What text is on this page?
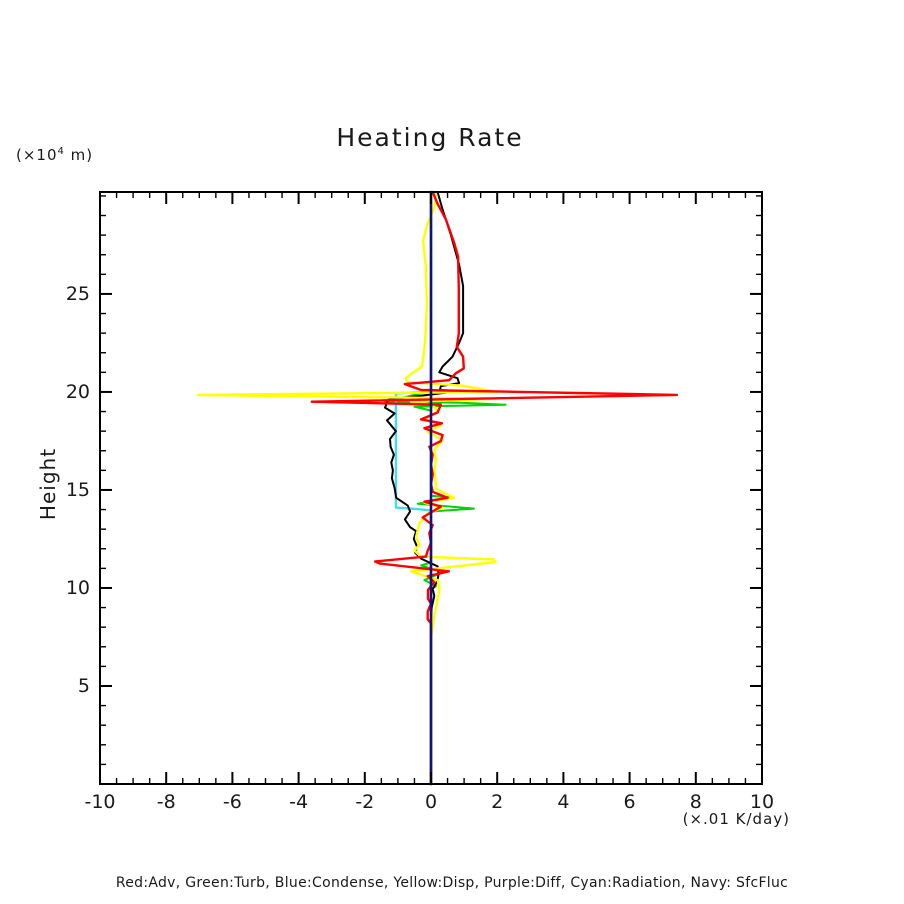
($\times 10^4$ m)
Heating Rate
Height
-10 -8 -6 -4 -2	0	2	4	6	8	10
5
10
15
20
25
(×.01 K/day)
Red:Adv, Green:Turb, Blue:Condense, Yellow:Disp, Purple:Diff, Cyan:Radiation, Navy: SfcFluc
